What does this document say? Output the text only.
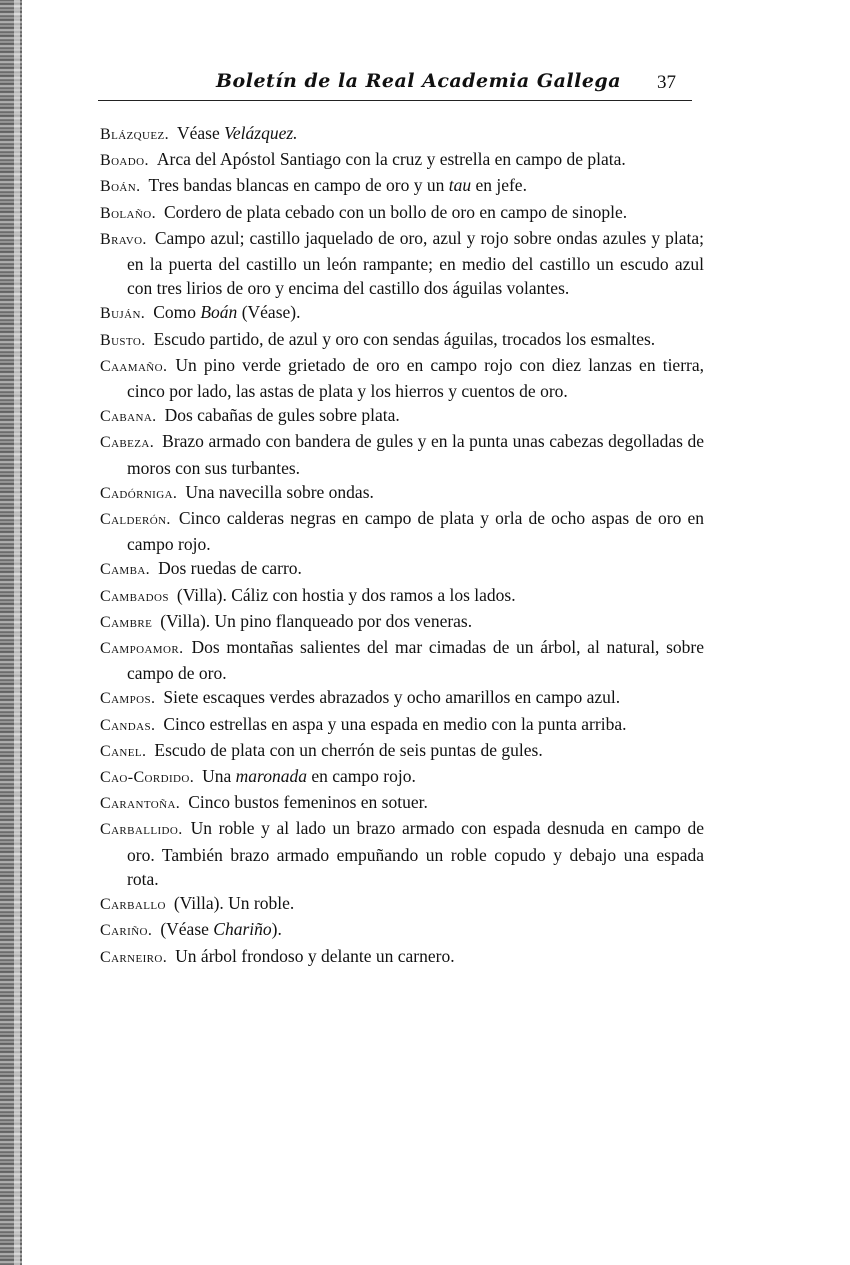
Boletín de la Real Academia Gallega 37
Blázquez. Véase Velázquez.
Boado. Arca del Apóstol Santiago con la cruz y estrella en campo de plata.
Boán. Tres bandas blancas en campo de oro y un tau en jefe.
Bolaño. Cordero de plata cebado con un bollo de oro en campo de sinople.
Bravo. Campo azul; castillo jaquelado de oro, azul y rojo sobre ondas azules y plata; en la puerta del castillo un león rampante; en medio del castillo un escudo azul con tres lirios de oro y encima del castillo dos águilas volantes.
Buján. Como Boán (Véase).
Busto. Escudo partido, de azul y oro con sendas águilas, trocados los esmaltes.
Caamaño. Un pino verde grietado de oro en campo rojo con diez lanzas en tierra, cinco por lado, las astas de plata y los hierros y cuentos de oro.
Cabana. Dos cabañas de gules sobre plata.
Cabeza. Brazo armado con bandera de gules y en la punta unas cabezas degolladas de moros con sus turbantes.
Cadórniga. Una navecilla sobre ondas.
Calderón. Cinco calderas negras en campo de plata y orla de ocho aspas de oro en campo rojo.
Camba. Dos ruedas de carro.
Cambados (Villa). Cáliz con hostia y dos ramos a los lados.
Cambre (Villa). Un pino flanqueado por dos veneras.
Campoamor. Dos montañas salientes del mar cimadas de un árbol, al natural, sobre campo de oro.
Campos. Siete escaques verdes abrazados y ocho amarillos en campo azul.
Candas. Cinco estrellas en aspa y una espada en medio con la punta arriba.
Canel. Escudo de plata con un cherrón de seis puntas de gules.
Cao-Cordido. Una maronada en campo rojo.
Carantoña. Cinco bustos femeninos en sotuer.
Carballido. Un roble y al lado un brazo armado con espada desnuda en campo de oro. También brazo armado empuñando un roble copudo y debajo una espada rota.
Carballo (Villa). Un roble.
Cariño. (Véase Chariño).
Carneiro. Un árbol frondoso y delante un carnero.
